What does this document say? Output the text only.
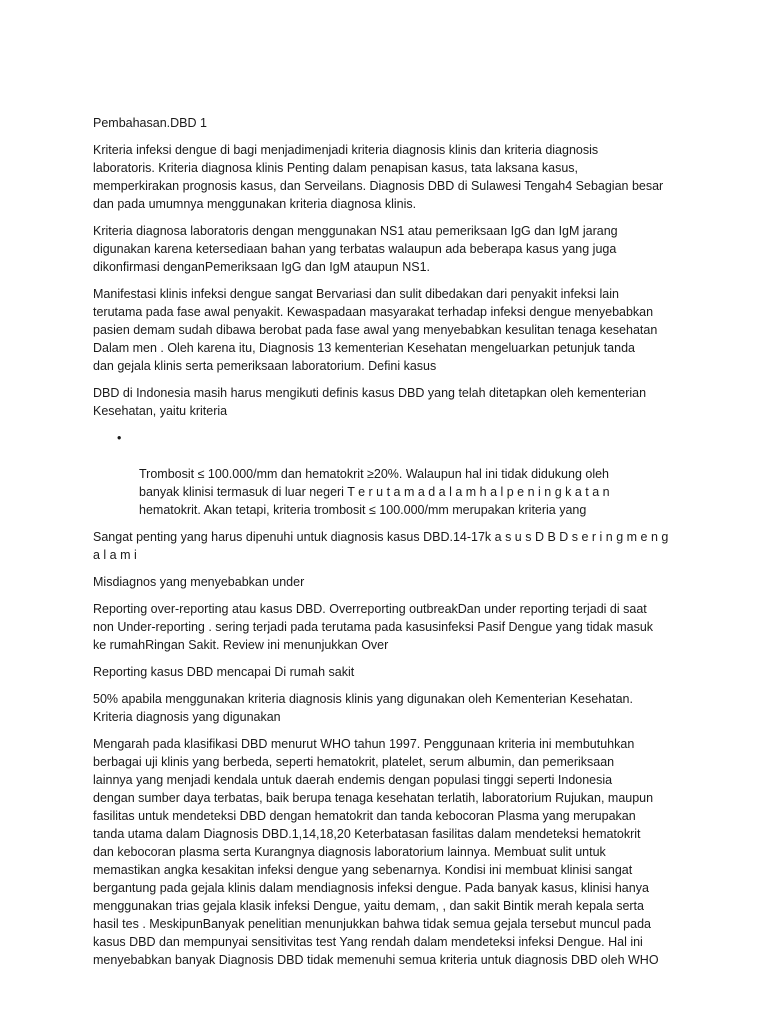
Pembahasan.DBD 1

Kriteria infeksi dengue di bagi menjadimenjadi kriteria diagnosis klinis dan kriteria diagnosis
laboratoris. Kriteria diagnosa klinis Penting dalam penapisan kasus, tata laksana kasus,
memperkirakan prognosis kasus, dan Serveilans. Diagnosis DBD di Sulawesi Tengah4 Sebagian besar
dan pada umumnya menggunakan kriteria diagnosa klinis.

Kriteria diagnosa laboratoris dengan menggunakan NS1 atau pemeriksaan IgG dan IgM jarang
digunakan karena ketersediaan bahan yang terbatas walaupun ada beberapa kasus yang juga
dikonfirmasi denganPemeriksaan IgG dan IgM ataupun NS1.

Manifestasi klinis infeksi dengue sangat Bervariasi dan sulit dibedakan dari penyakit infeksi lain
terutama pada fase awal penyakit. Kewaspadaan masyarakat terhadap infeksi dengue menyebabkan
pasien demam sudah dibawa berobat pada fase awal yang menyebabkan kesulitan tenaga kesehatan
Dalam men . Oleh karena itu, Diagnosis 13 kementerian Kesehatan mengeluarkan petunjuk tanda
dan gejala klinis serta pemeriksaan laboratorium. Defini kasus

DBD di Indonesia masih harus mengikuti definis kasus DBD yang telah ditetapkan oleh kementerian
Kesehatan, yaitu kriteria

•

Trombosit ≤ 100.000/mm dan hematokrit ≥20%. Walaupun hal ini tidak didukung oleh
banyak klinisi termasuk di luar negeri T e r u t a m a d a l a m h a l p e n i n g k a t a n
hematokrit. Akan tetapi, kriteria trombosit ≤ 100.000/mm merupakan kriteria yang

Sangat penting yang harus dipenuhi untuk diagnosis kasus DBD.14-17k a s u s D B D s e r i n g m e n g
a l a m i

Misdiagnos yang menyebabkan under

Reporting over-reporting atau kasus DBD. Overreporting outbreakDan under reporting terjadi di saat
non Under-reporting . sering terjadi pada terutama pada kasusinfeksi Pasif Dengue yang tidak masuk
ke rumahRingan Sakit. Review ini menunjukkan Over

Reporting kasus DBD mencapai Di rumah sakit

50% apabila menggunakan kriteria diagnosis klinis yang digunakan oleh Kementerian Kesehatan.
Kriteria diagnosis yang digunakan

Mengarah pada klasifikasi DBD menurut WHO tahun 1997. Penggunaan kriteria ini membutuhkan
berbagai uji klinis yang berbeda, seperti hematokrit, platelet, serum albumin, dan pemeriksaan
lainnya yang menjadi kendala untuk daerah endemis dengan populasi tinggi seperti Indonesia
dengan sumber daya terbatas, baik berupa tenaga kesehatan terlatih, laboratorium Rujukan, maupun
fasilitas untuk mendeteksi DBD dengan hematokrit dan tanda kebocoran Plasma yang merupakan
tanda utama dalam Diagnosis DBD.1,14,18,20 Keterbatasan fasilitas dalam mendeteksi hematokrit
dan kebocoran plasma serta Kurangnya diagnosis laboratorium lainnya. Membuat sulit untuk
memastikan angka kesakitan infeksi dengue yang sebenarnya. Kondisi ini membuat klinisi sangat
bergantung pada gejala klinis dalam mendiagnosis infeksi dengue. Pada banyak kasus, klinisi hanya
menggunakan trias gejala klasik infeksi Dengue, yaitu demam, , dan sakit Bintik merah kepala serta
hasil tes . MeskipunBanyak penelitian menunjukkan bahwa tidak semua gejala tersebut muncul pada
kasus DBD dan mempunyai sensitivitas test Yang rendah dalam mendeteksi infeksi Dengue. Hal ini
menyebabkan banyak Diagnosis DBD tidak memenuhi semua kriteria untuk diagnosis DBD oleh WHO
